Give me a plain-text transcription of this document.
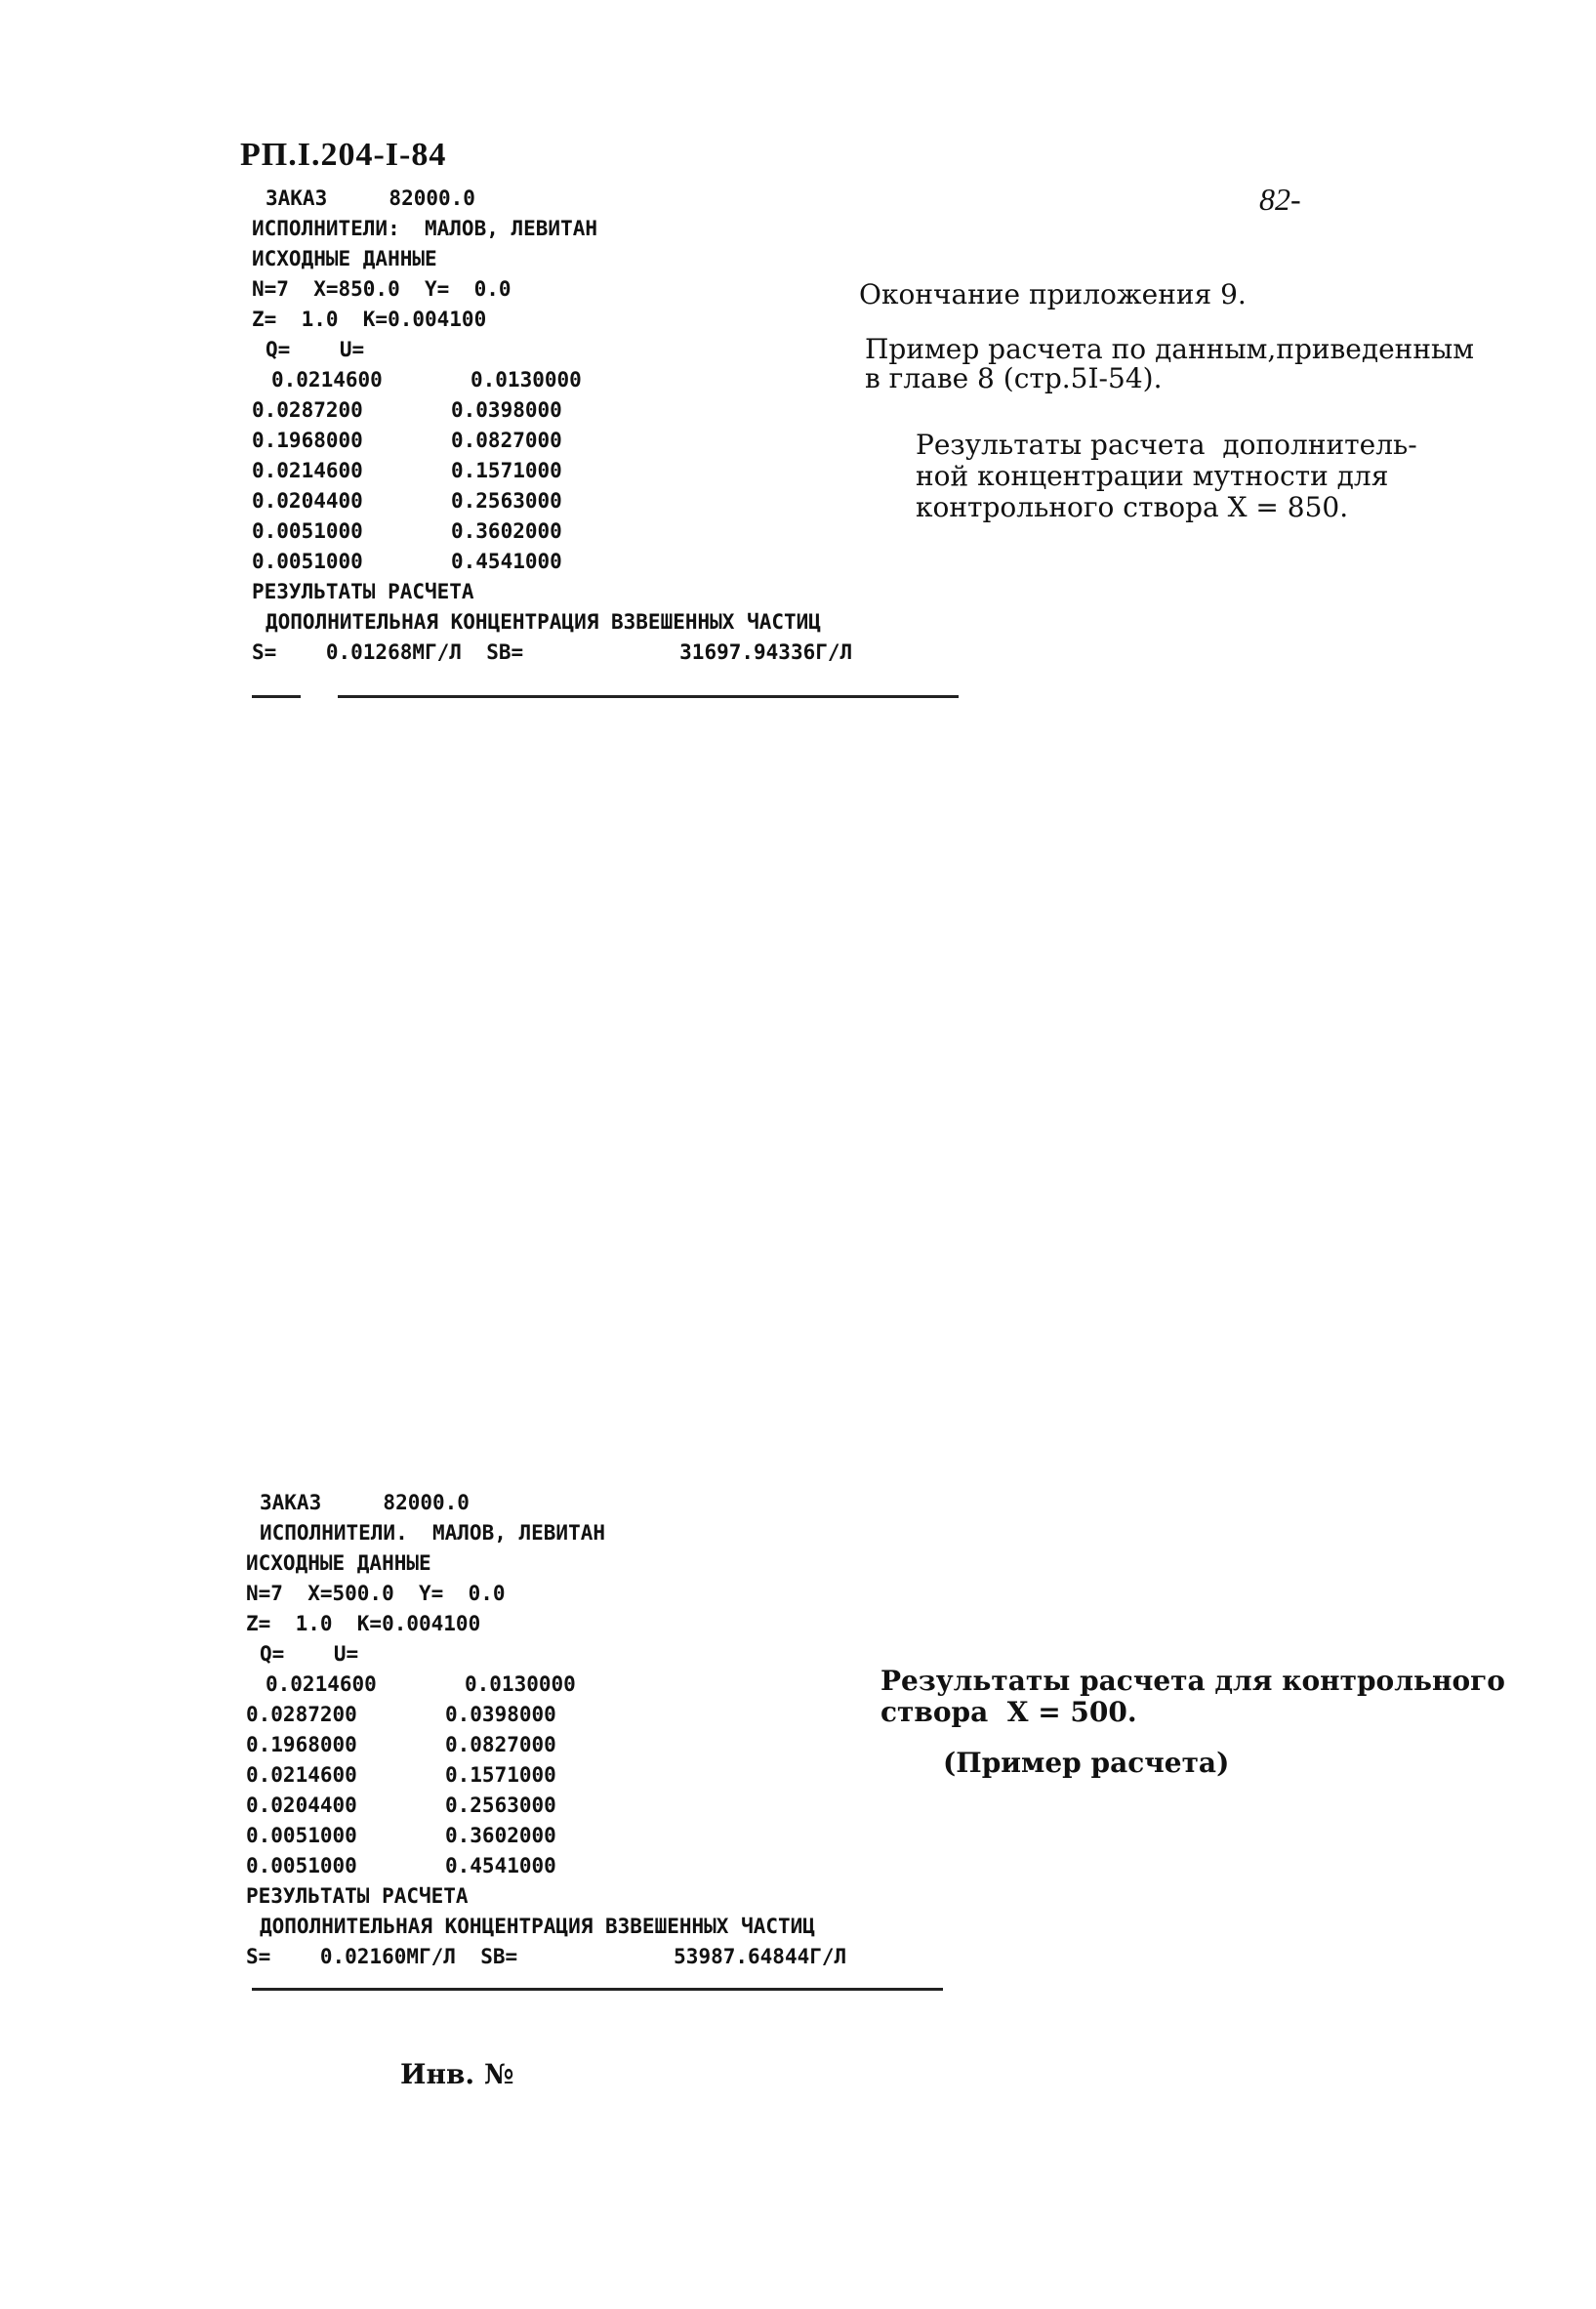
РП.I.204-I-84
82-
ЗАКАЗ     82000.0
ИСПОЛНИТЕЛИ:  МАЛОВ, ЛЕВИТАН
ИСХОДНЫЕ ДАННЫЕ
N=7  X=850.0  Y=  0.0
Z=  1.0  K=0.004100
Q=    U=
0.0214600	0.0130000
0.0287200	0.0398000
0.1968000	0.0827000
0.0214600	0.1571000
0.0204400	0.2563000
0.0051000	0.3602000
0.0051000	0.4541000
РЕЗУЛЬТАТЫ РАСЧЕТА
ДОПОЛНИТЕЛЬНАЯ КОНЦЕНТРАЦИЯ ВЗВЕШЕННЫХ ЧАСТИЦ
S=    0.01268МГ/Л  SB=	31697.94336Г/Л
Окончание приложения 9.
Пример расчета по данным,приведенным
в главе 8 (стр.5I-54).
Результаты расчета  дополнитель-
ной концентрации мутности для
контрольного створа X = 850.
ЗАКАЗ     82000.0
ИСПОЛНИТЕЛИ.  МАЛОВ, ЛЕВИТАН
ИСХОДНЫЕ ДАННЫЕ
N=7  X=500.0  Y=  0.0
Z=  1.0  K=0.004100
Q=    U=
0.0214600	0.0130000
0.0287200	0.0398000
0.1968000	0.0827000
0.0214600	0.1571000
0.0204400	0.2563000
0.0051000	0.3602000
0.0051000	0.4541000
РЕЗУЛЬТАТЫ РАСЧЕТА
ДОПОЛНИТЕЛЬНАЯ КОНЦЕНТРАЦИЯ ВЗВЕШЕННЫХ ЧАСТИЦ
S=    0.02160МГ/Л  SB=	53987.64844Г/Л
Результаты расчета для контрольного
створа  X = 500.
(Пример расчета)
Инв. №
